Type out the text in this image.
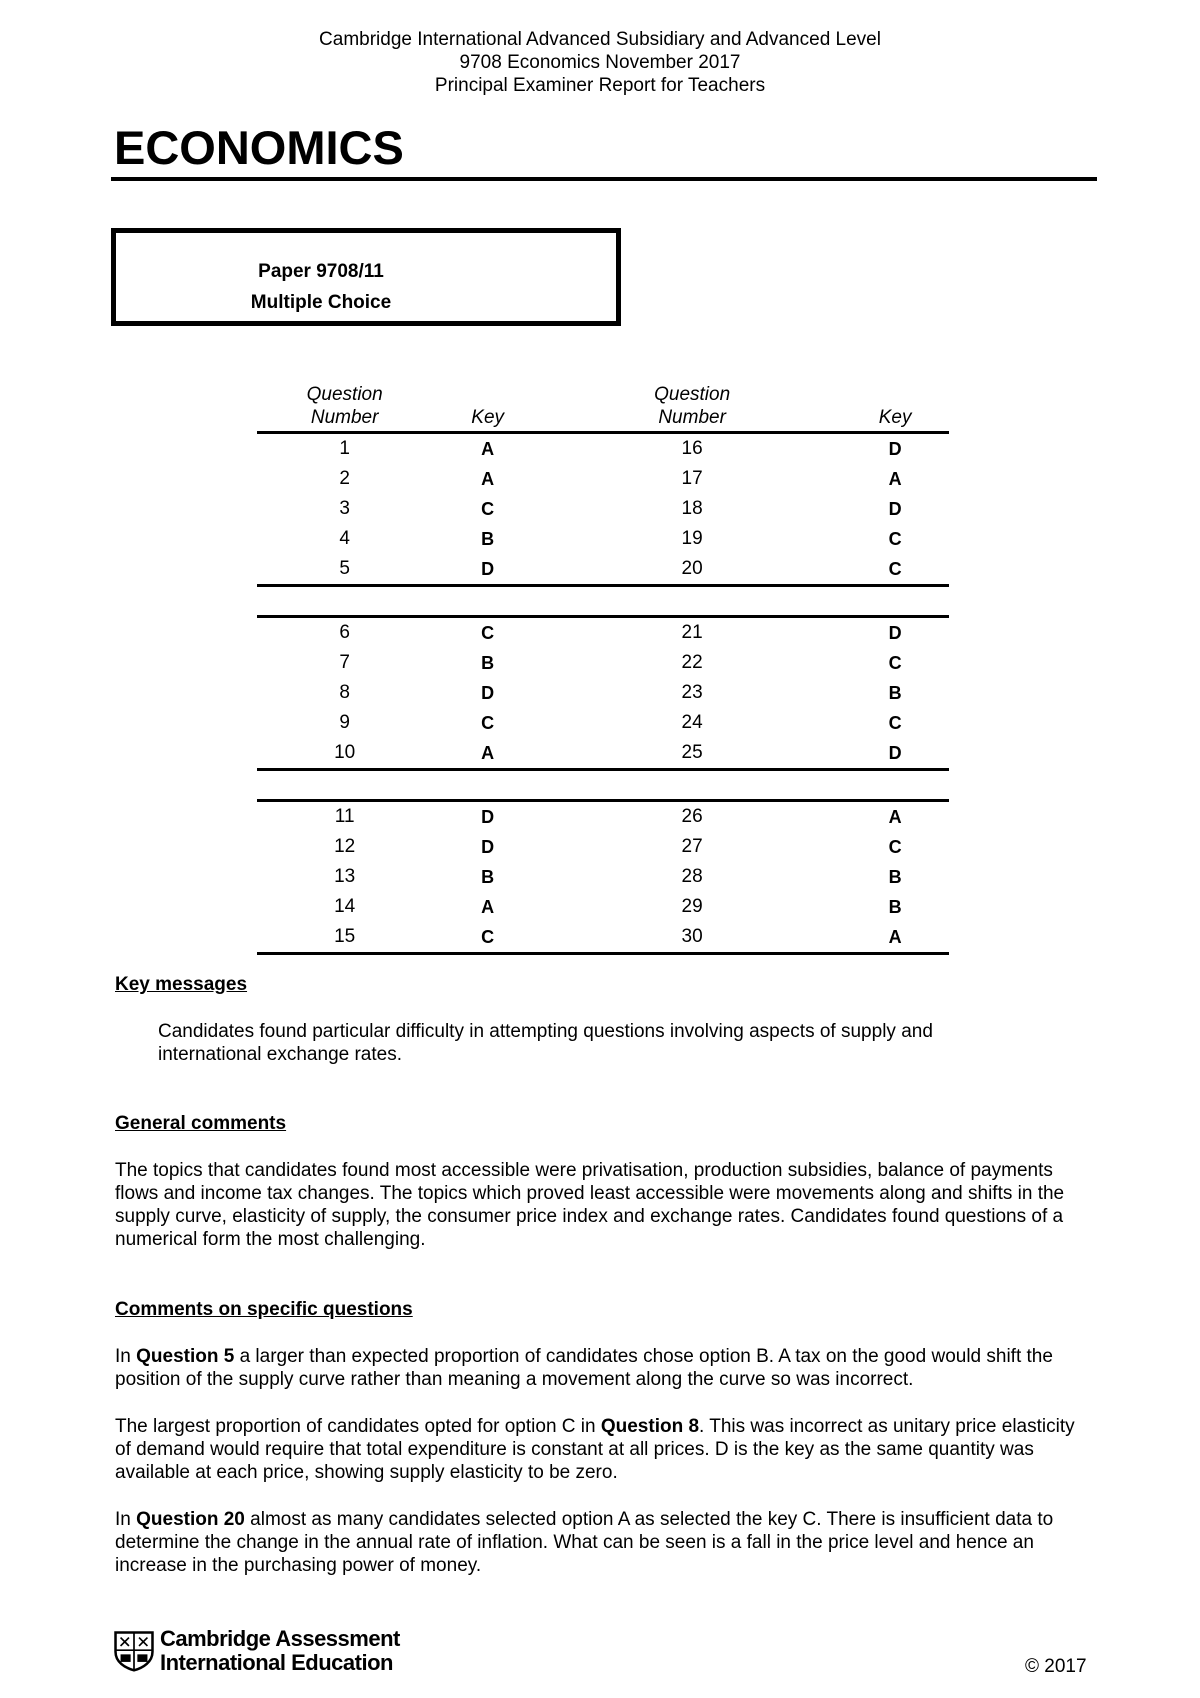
Cambridge International Advanced Subsidiary and Advanced Level
9708 Economics November 2017
Principal Examiner Report for Teachers
ECONOMICS
Paper 9708/11
Multiple Choice
Question
Number	Key	Question
Number	Key
1	A	16	D
2	A	17	A
3	C	18	D
4	B	19	C
5	D	20	C

6	C	21	D
7	B	22	C
8	D	23	B
9	C	24	C
10	A	25	D

11	D	26	A
12	D	27	C
13	B	28	B
14	A	29	B
15	C	30	A
Key messages
Candidates found particular difficulty in attempting questions involving aspects of supply and international exchange rates.
General comments
The topics that candidates found most accessible were privatisation, production subsidies, balance of payments flows and income tax changes. The topics which proved least accessible were movements along and shifts in the supply curve, elasticity of supply, the consumer price index and exchange rates. Candidates found questions of a numerical form the most challenging.
Comments on specific questions
In Question 5 a larger than expected proportion of candidates chose option B. A tax on the good would shift the position of the supply curve rather than meaning a movement along the curve so was incorrect.
The largest proportion of candidates opted for option C in Question 8. This was incorrect as unitary price elasticity of demand would require that total expenditure is constant at all prices. D is the key as the same quantity was available at each price, showing supply elasticity to be zero.
In Question 20 almost as many candidates selected option A as selected the key C. There is insufficient data to determine the change in the annual rate of inflation. What can be seen is a fall in the price level and hence an increase in the purchasing power of money.
Cambridge Assessment
International Education	© 2017
